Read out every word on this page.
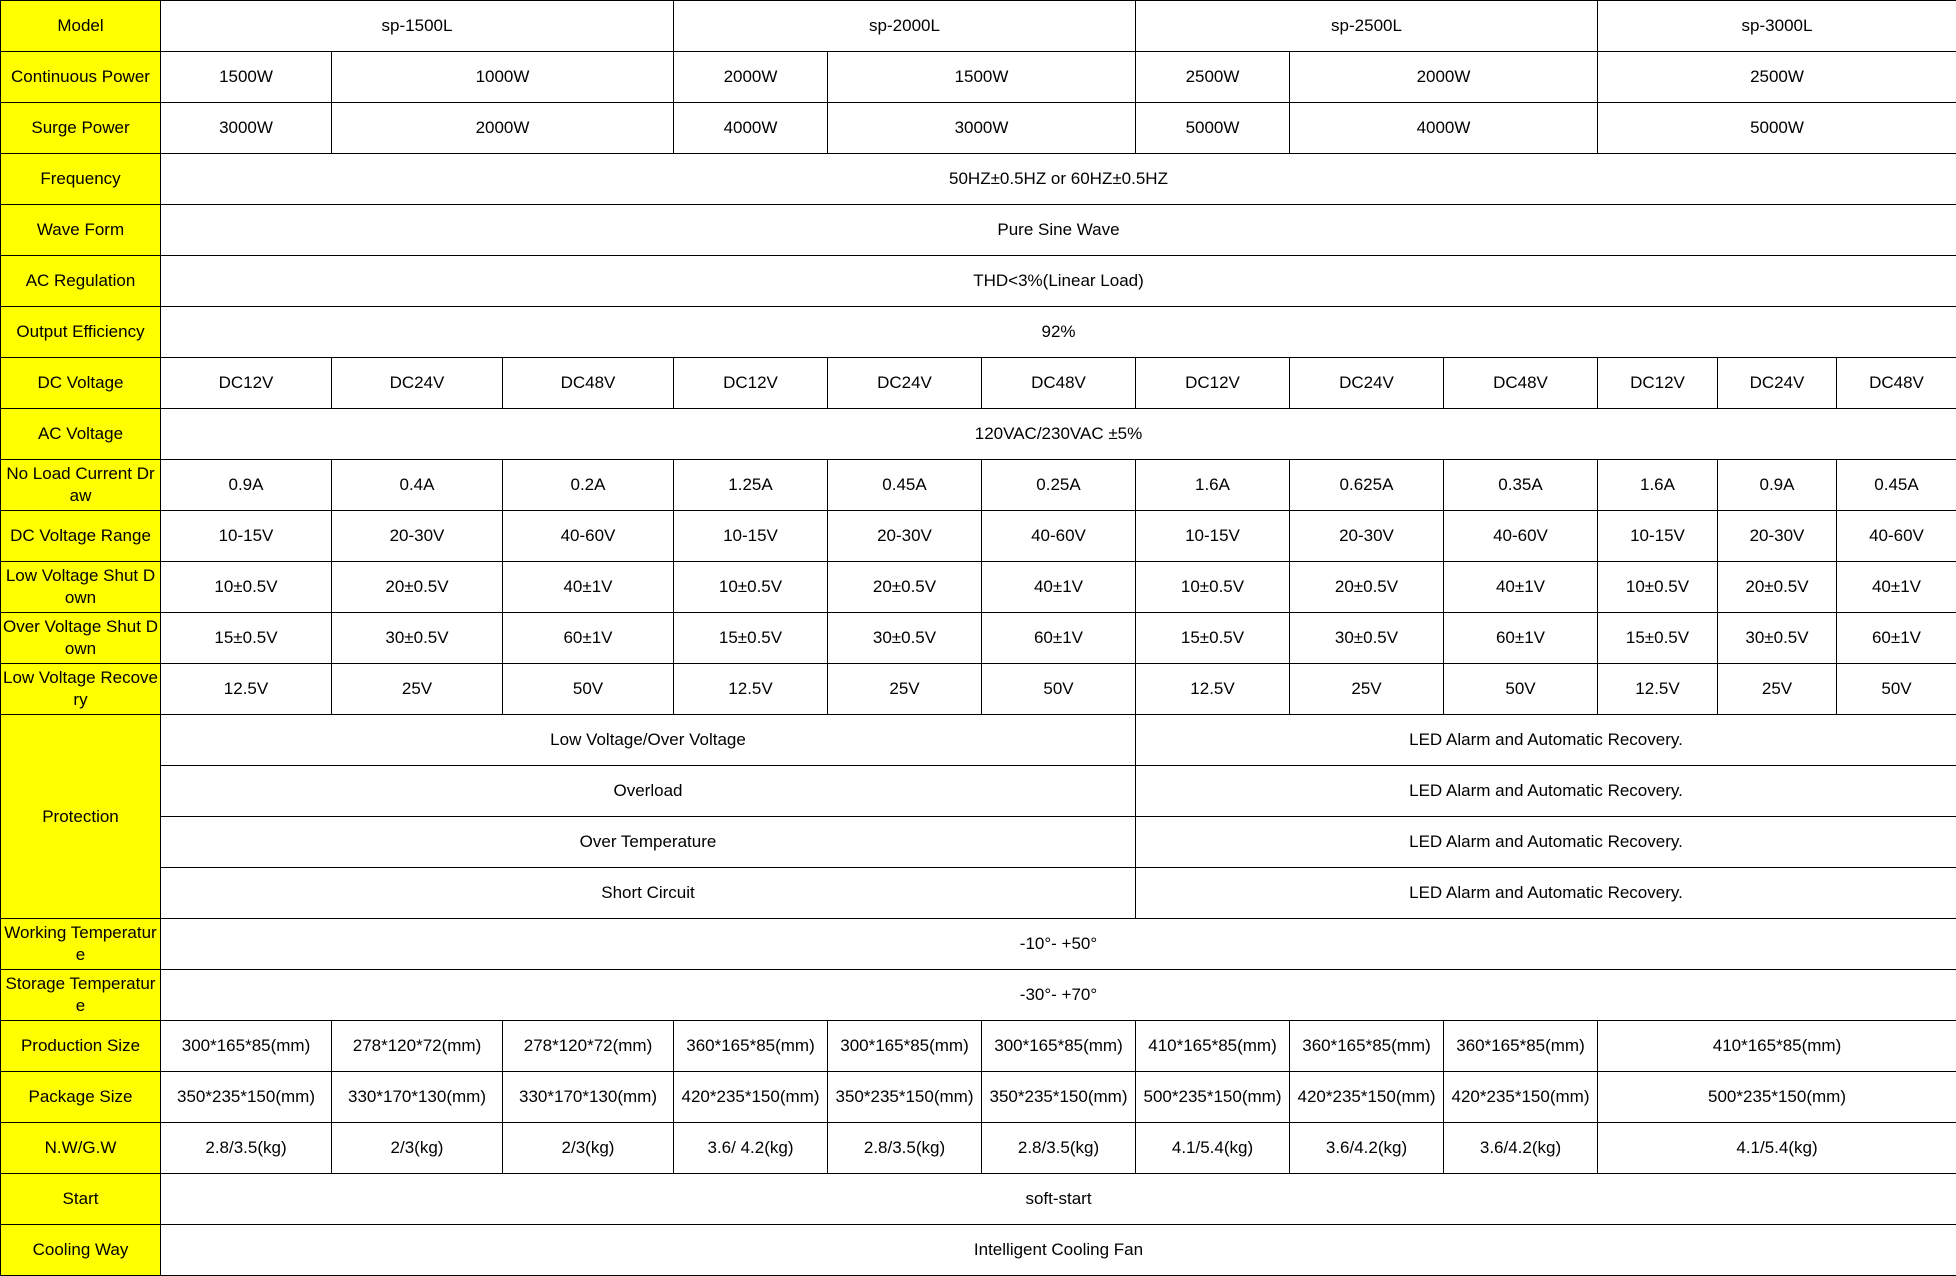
Model	sp-1500L			sp-2000L			sp-2500L			sp-3000L		
Continuous Power	1500W	1000W		2000W	1500W		2500W	2000W		2500W		
Surge Power	3000W	2000W		4000W	3000W		5000W	4000W		5000W		
Frequency	50HZ±0.5HZ or 60HZ±0.5HZ											
Wave Form	Pure Sine Wave											
AC Regulation	THD<3%(Linear Load)											
Output Efficiency	92%											
DC Voltage	DC12V	DC24V	DC48V	DC12V	DC24V	DC48V	DC12V	DC24V	DC48V	DC12V	DC24V	DC48V
AC Voltage	120VAC/230VAC ±5%											
No Load Current Draw	0.9A	0.4A	0.2A	1.25A	0.45A	0.25A	1.6A	0.625A	0.35A	1.6A	0.9A	0.45A
DC Voltage Range	10-15V	20-30V	40-60V	10-15V	20-30V	40-60V	10-15V	20-30V	40-60V	10-15V	20-30V	40-60V
Low Voltage Shut Down	10±0.5V	20±0.5V	40±1V	10±0.5V	20±0.5V	40±1V	10±0.5V	20±0.5V	40±1V	10±0.5V	20±0.5V	40±1V
Over Voltage Shut Down	15±0.5V	30±0.5V	60±1V	15±0.5V	30±0.5V	60±1V	15±0.5V	30±0.5V	60±1V	15±0.5V	30±0.5V	60±1V
Low Voltage Recovery	12.5V	25V	50V	12.5V	25V	50V	12.5V	25V	50V	12.5V	25V	50V
Protection	Low Voltage/Over Voltage						LED Alarm and Automatic Recovery.					
	Overload						LED Alarm and Automatic Recovery.					
	Over Temperature						LED Alarm and Automatic Recovery.					
	Short Circuit						LED Alarm and Automatic Recovery.					
Working Temperature	-10°- +50°											
Storage Temperature	-30°- +70°											
Production Size	300*165*85(mm)	278*120*72(mm)	278*120*72(mm)	360*165*85(mm)	300*165*85(mm)	300*165*85(mm)	410*165*85(mm)	360*165*85(mm)	360*165*85(mm)	410*165*85(mm)		
Package Size	350*235*150(mm)	330*170*130(mm)	330*170*130(mm)	420*235*150(mm)	350*235*150(mm)	350*235*150(mm)	500*235*150(mm)	420*235*150(mm)	420*235*150(mm)	500*235*150(mm)		
N.W/G.W	2.8/3.5(kg)	2/3(kg)	2/3(kg)	3.6/ 4.2(kg)	2.8/3.5(kg)	2.8/3.5(kg)	4.1/5.4(kg)	3.6/4.2(kg)	3.6/4.2(kg)	4.1/5.4(kg)		
Start	soft-start											
Cooling Way	Intelligent Cooling Fan											
